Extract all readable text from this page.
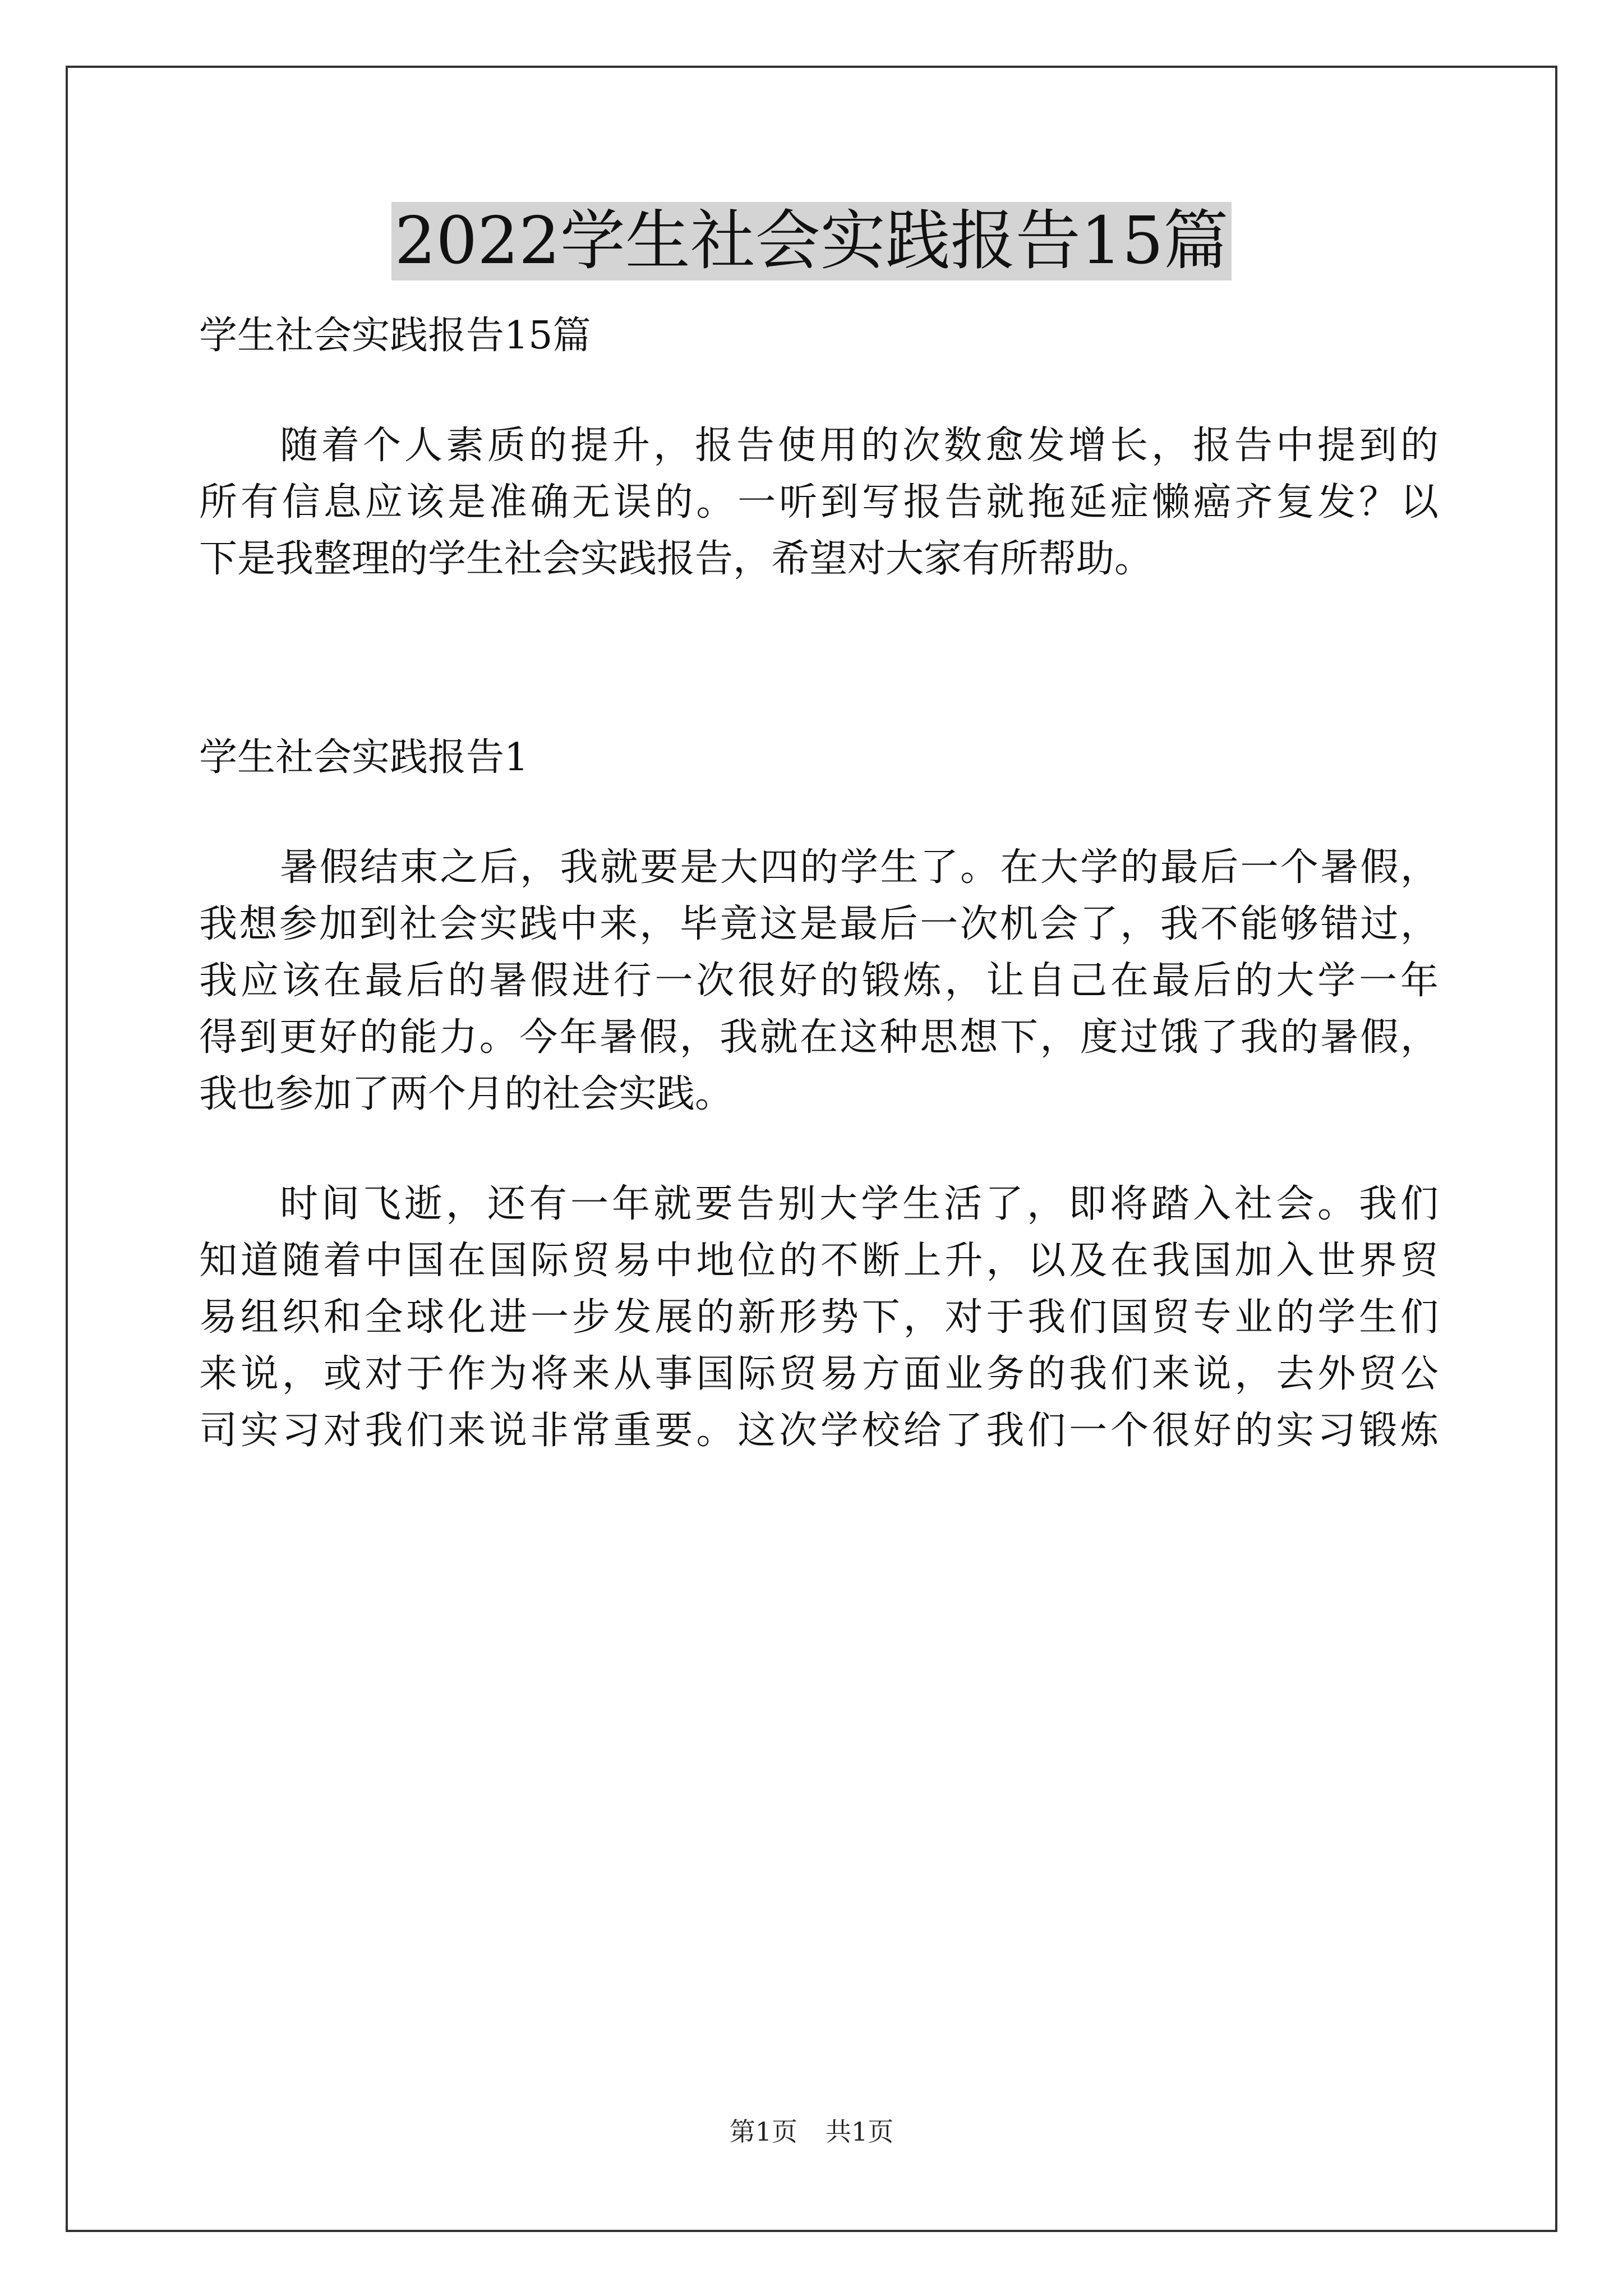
2022学生社会实践报告15篇

学生社会实践报告15篇

随着个人素质的提升，报告使用的次数愈发增长，报告中提到的

所有信息应该是准确无误的。一听到写报告就拖延症懒癌齐复发？以

下是我整理的学生社会实践报告，希望对大家有所帮助。

学生社会实践报告1

暑假结束之后，我就要是大四的学生了。在大学的最后一个暑假，

我想参加到社会实践中来，毕竟这是最后一次机会了，我不能够错过，

我应该在最后的暑假进行一次很好的锻炼，让自己在最后的大学一年

得到更好的能力。今年暑假，我就在这种思想下，度过饿了我的暑假，

我也参加了两个月的社会实践。

时间飞逝，还有一年就要告别大学生活了，即将踏入社会。我们

知道随着中国在国际贸易中地位的不断上升，以及在我国加入世界贸

易组织和全球化进一步发展的新形势下，对于我们国贸专业的学生们

来说，或对于作为将来从事国际贸易方面业务的我们来说，去外贸公

司实习对我们来说非常重要。这次学校给了我们一个很好的实习锻炼

第1页 共1页
